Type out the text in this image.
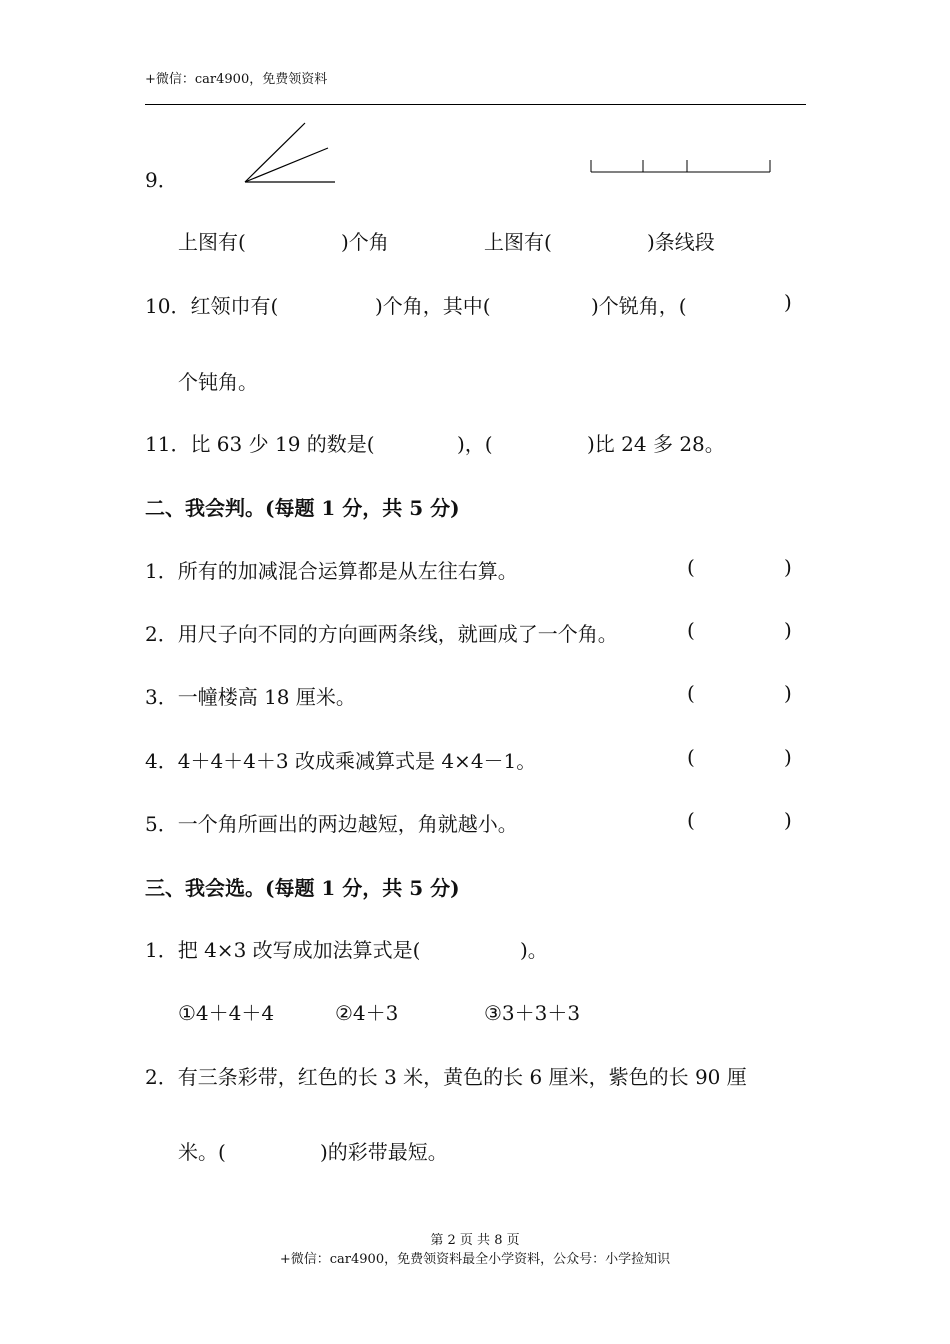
+微信：car4900，免费领资料
9．
上图有(	)个角	上图有(	)条线段
10．红领巾有(	)个角，其中(	)个锐角，(	)
个钝角。
11．比 63 少 19 的数是(	)，(	)比 24 多 28。
二、我会判。(每题 1 分，共 5 分)
1．所有的加减混合运算都是从左往右算。	(	)
2．用尺子向不同的方向画两条线，就画成了一个角。	(	)
3．一幢楼高 18 厘米。	(	)
4．4＋4＋4＋3 改成乘减算式是 4×4－1。	(	)
5．一个角所画出的两边越短，角就越小。	(	)
三、我会选。(每题 1 分，共 5 分)
1．把 4×3 改写成加法算式是(	)。
①4＋4＋4	②4＋3	③3＋3＋3
2．有三条彩带，红色的长 3 米，黄色的长 6 厘米，紫色的长 90 厘
米。(	)的彩带最短。
第 2 页 共 8 页
+微信：car4900，免费领资料最全小学资料，公众号：小学捡知识
